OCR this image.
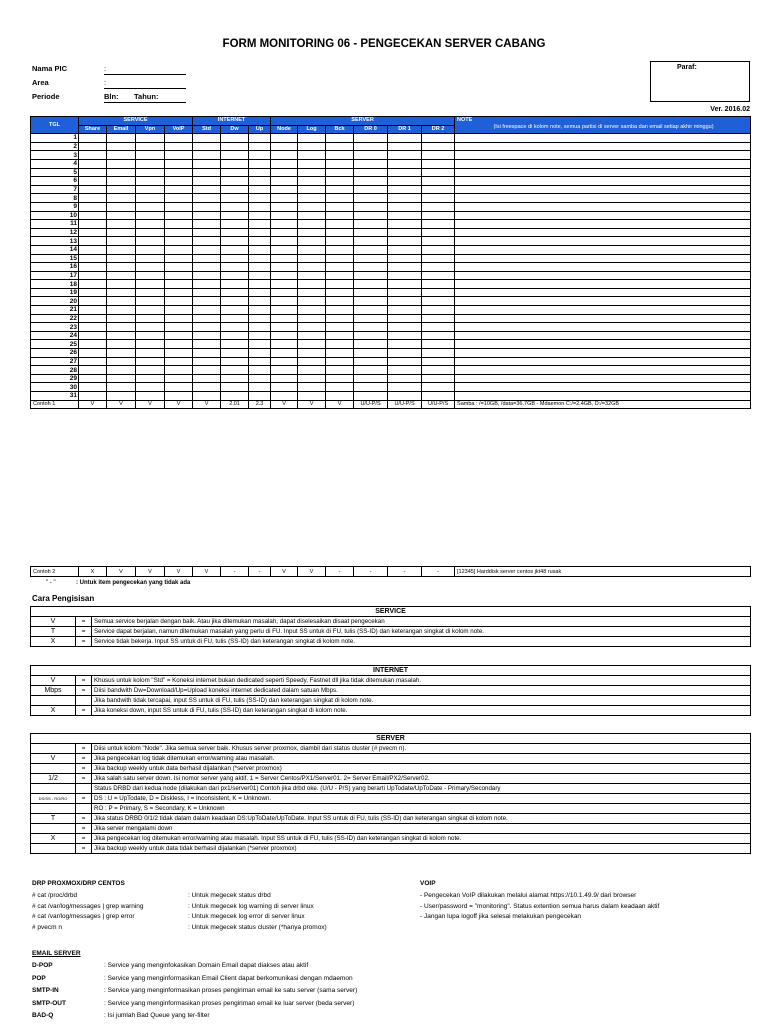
FORM MONITORING 06 - PENGECEKAN SERVER CABANG
Nama PIC	:
Area	:
Periode	Bln: Tahun:
Paraf:
Ver. 2016.02
TGL	SERVICE				INTERNET			SERVER						NOTE
(Isi freespace di kolom note, semua partisi di server samba dan email setiap akhir minggu)

	Share	Email	Vpn	VoIP	Std	Dw	Up	Node	Log	Bck	DR 0	DR 1	DR 2	
1														
2														
3														
4														
5														
6														
7														
8														
9														
10														
11														
12														
13														
14														
15														
16														
17														
18														
19														
20														
21														
22														
23														
24														
25														
26														
27														
28														
29														
30														
31														
Contoh 1	V	V	V	V	V	2.01	2.3	V	V	V	U/U-P/S	U/U-P/S	U/U-P/S	Samba : /=10GB, /data=36.7GB - Mdaemon C:/=2.4GB, D:/=32GB
Contoh 2	X	V	V	V	V	-	-	V	V	-	-	-	-	[12345] Harddisk server centos jkt48 rusak
" - "	: Untuk item pengecekan yang tidak ada
Cara Pengisisan
SERVICE		
V	=	Semua service berjalan dengan baik. Atau jika ditemukan masalah, dapat diselesaikan disaat pengecekan
T	=	Service dapat berjalan, namun ditemukan masalah yang perlu di FU. Input SS untuk di FU, tulis (SS-ID) dan keterangan singkat di kolom note.
X	=	Service tidak bekerja. Input SS untuk di FU, tulis (SS-ID) dan keterangan singkat di kolom note.
INTERNET		
V	=	Khusus untuk kolom "Std" = Koneksi internet bukan dedicated seperti Speedy, Fastnet dll jika tidak ditemukan masalah.
Mbps	=	Diisi bandwith Dw=Download/Up=Upload koneksi internet dedicated dalam satuan Mbps.
		Jika bandwith tidak tercapai, input SS untuk di FU, tulis (SS-ID) dan keterangan singkat di kolom note.
X	=	Jika koneksi down, input SS untuk di FU, tulis (SS-ID) dan keterangan singkat di kolom note.
SERVER		
	=	Diisi untuk kolom "Node". Jika semua server baik. Khusus server proxmox, diambil dari status cluster (# pvecm n).
V	=	Jika pengecekan log tidak ditemukan error/warning atau masalah.
	=	Jika backup weekly untuk data berhasil dijalankan (*server proxmox)
1/2	=	Jika salah satu server down. Isi nomor server yang aktif. 1 = Server Centos/PX1/Server01. 2= Server Email/PX2/Server02.
		Status DRBD dari kedua node (dilakukan dari px1/server01) Contoh jika drbd oke. (U/U - P/S) yang berarti UpTodate/UpToDate - Primary/Secondary
DS/SS - RO/RO	=	DS : U = UpTodate, D = Diskless, I = Inconsistent, K = Unknown.
		RO : P = Primary, S = Secondary, K = Unknown
T	=	Jika status DRBD 0/1/2 tidak dalam dalam keadaan DS:UpToDate/UpToDate. Input SS untuk di FU, tulis (SS-ID) dan keterangan singkat di kolom note.
	=	Jika server mengalami down
X	=	Jika pengecekan log ditemukan error/warning atau masalah. Input SS untuk di FU, tulis (SS-ID) dan keterangan singkat di kolom note.
	=	Jika backup weekly untuk data tidak berhasil dijalankan (*server proxmox)
DRP PROXMOX/DRP CENTOS
# cat /proc/drbd	: Untuk megecek status drbd
# cat /var/log/messages | grep warning	: Untuk megecek log warning di server linux
# cat /var/log/messages | grep error	: Untuk megecek log error di server linux
# pvecm n	: Untuk megecek status cluster (*hanya promox)
VOIP
- Pengecekan VoIP dilakukan melalui alamat https://10.1.49.9/ dari browser
- User/password = "monitoring". Status extention semua harus dalam keadaan aktif
- Jangan lupa logoff jika selesai melakukan pengecekan
EMAIL SERVER
D-POP	: Service yang menginfokasikan Domain Email dapat diakses atau aktif
POP	: Service yang menginformasikan Email Client dapat berkomunikasi dengan mdaemon
SMTP-IN	: Service yang menginformasikan proses pengiriman email ke satu server (sama server)
SMTP-OUT	: Service yang menginformasikan proses pengiriman email ke luar server (beda server)
BAD-Q	: Isi jumlah Bad Queue yang ter-filter
